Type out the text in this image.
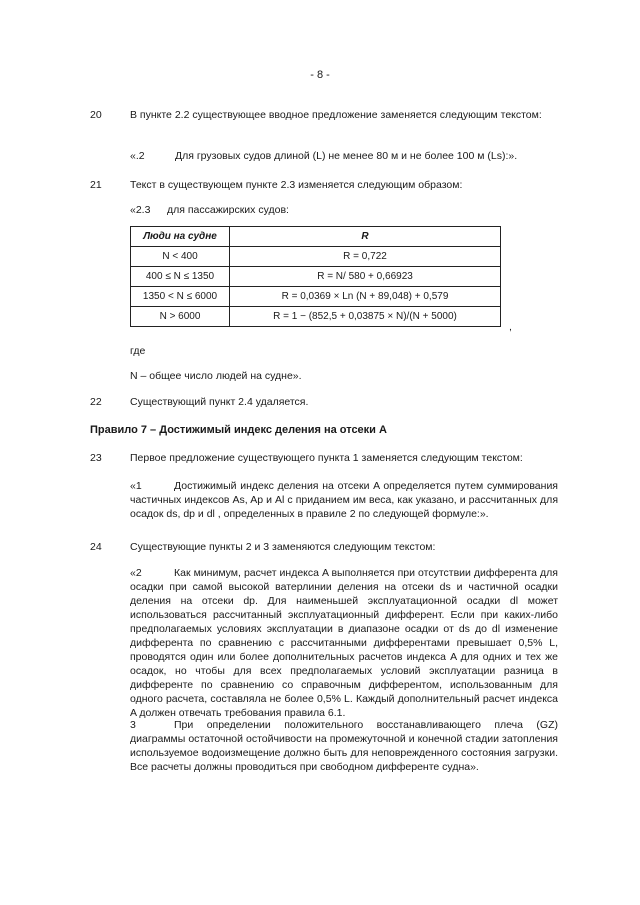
- 8 -
20	В пункте 2.2 существующее вводное предложение заменяется следующим текстом:
«.2	Для грузовых судов длиной (L) не менее 80 м и не более 100 м (Ls):».
21	Текст в существующем пункте 2.3 изменяется следующим образом:
«2.3 для пассажирских судов:
Люди на судне	R
N < 400	R = 0,722
400 ≤ N ≤ 1350	R = N/ 580 + 0,66923
1350 < N ≤ 6000	R = 0,0369 × Ln (N + 89,048) + 0,579
N > 6000	R = 1 − (852,5 + 0,03875 × N)/(N + 5000)
,
где
N – общее число людей на судне».
22	Существующий пункт 2.4 удаляется.
Правило 7 – Достижимый индекс деления на отсеки A
23	Первое предложение существующего пункта 1 заменяется следующим текстом:
«1	Достижимый индекс деления на отсеки A определяется путем суммирования частичных индексов As, Ap и Al с приданием им веса, как указано, и рассчитанных для осадок ds, dp и dl , определенных в правиле 2 по следующей формуле:».
24	Существующие пункты 2 и 3 заменяются следующим текстом:
«2	Как минимум, расчет индекса A выполняется при отсутствии дифферента для осадки при самой высокой ватерлинии деления на отсеки ds и частичной осадки деления на отсеки dp. Для наименьшей эксплуатационной осадки dl может использоваться рассчитанный эксплуатационный дифферент. Если при каких-либо предполагаемых условиях эксплуатации в диапазоне осадки от ds до dl изменение дифферента по сравнению с рассчитанными дифферентами превышает 0,5% L, проводятся один или более дополнительных расчетов индекса A для одних и тех же осадок, но чтобы для всех предполагаемых условий эксплуатации разница в дифференте по сравнению со справочным дифферентом, использованным для одного расчета, составляла не более 0,5% L. Каждый дополнительный расчет индекса A должен отвечать требования правила 6.1.
3	При определении положительного восстанавливающего плеча (GZ) диаграммы остаточной остойчивости на промежуточной и конечной стадии затопления используемое водоизмещение должно быть для неповрежденного состояния загрузки. Все расчеты должны проводиться при свободном дифференте судна».
